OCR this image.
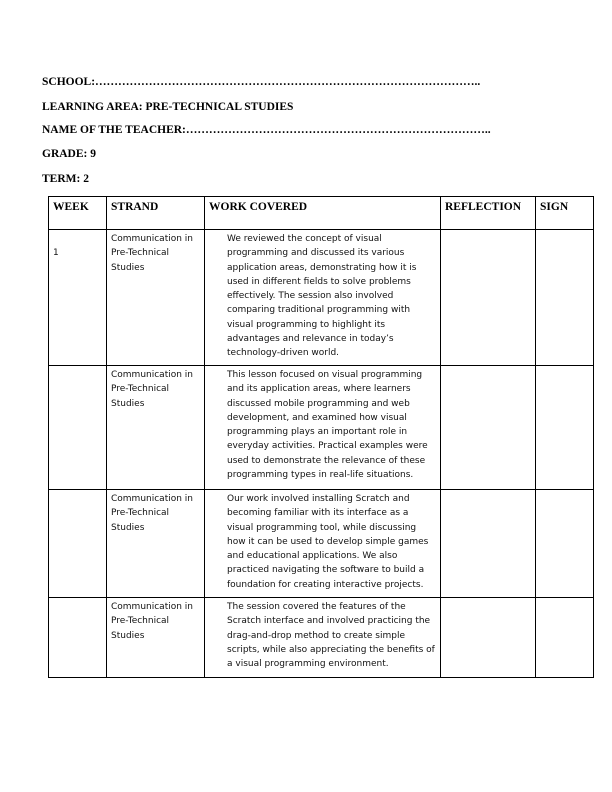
SCHOOL:………………………………………………………………………………………..
LEARNING AREA: PRE-TECHNICAL STUDIES
NAME OF THE TEACHER:……………………………………………………………………..
GRADE: 9
TERM: 2
WEEK	STRAND	WORK COVERED	REFLECTION	SIGN
1	Communication in Pre-Technical Studies	We reviewed the concept of visual programming and discussed its various application areas, demonstrating how it is used in different fields to solve problems effectively. The session also involved comparing traditional programming with visual programming to highlight its advantages and relevance in today’s technology-driven world.		
	Communication in Pre-Technical Studies	This lesson focused on visual programming and its application areas, where learners discussed mobile programming and web development, and examined how visual programming plays an important role in everyday activities. Practical examples were used to demonstrate the relevance of these programming types in real-life situations.		
	Communication in Pre-Technical Studies	Our work involved installing Scratch and becoming familiar with its interface as a visual programming tool, while discussing how it can be used to develop simple games and educational applications. We also practiced navigating the software to build a foundation for creating interactive projects.		
	Communication in Pre-Technical Studies	The session covered the features of the Scratch interface and involved practicing the drag-and-drop method to create simple scripts, while also appreciating the benefits of a visual programming environment.		
